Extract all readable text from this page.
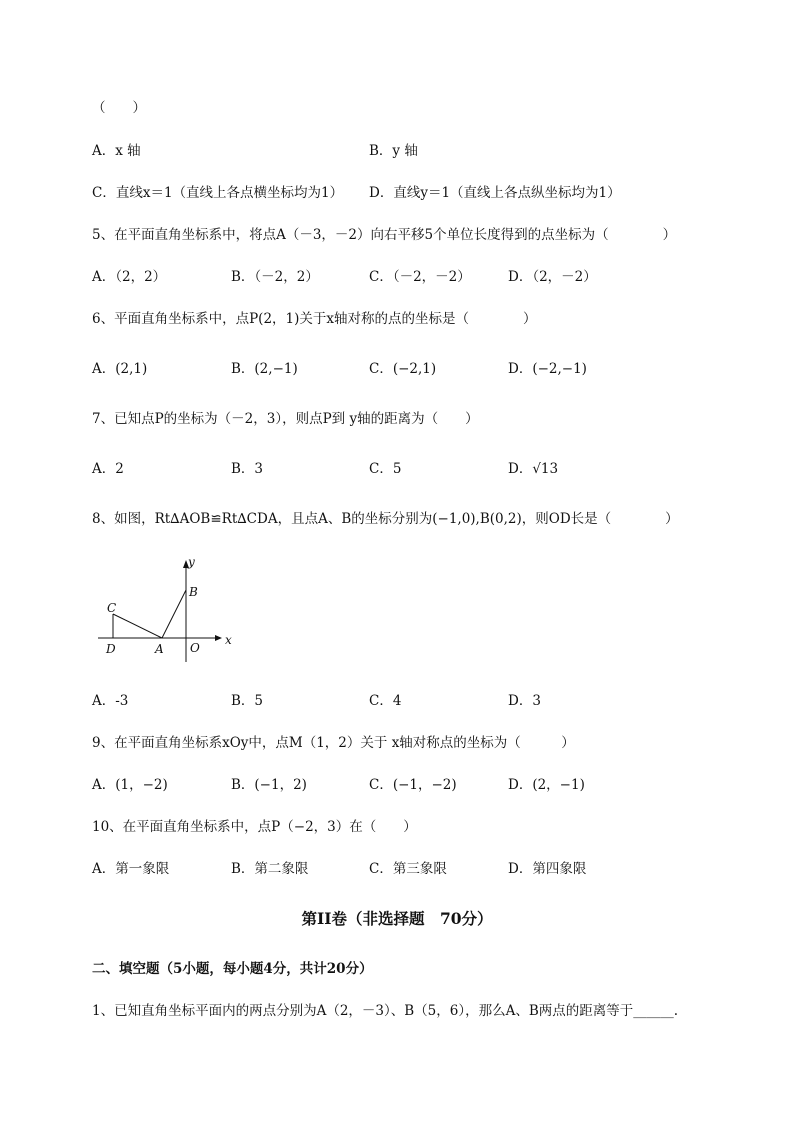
（　　）
A．x 轴	B．y 轴
C．直线x＝1（直线上各点横坐标均为1） D．直线y＝1（直线上各点纵坐标均为1）
5、在平面直角坐标系中，将点A（－3，－2）向右平移5个单位长度得到的点坐标为（　　　　）
A．（2，2）	B．（－2，2）	C．（－2，－2）	D．（2，－2）
6、平面直角坐标系中，点P(2，1)关于x轴对称的点的坐标是（　　　　）
A．(2,1)	B．(2,−1)	C．(−2,1)	D．(−2,−1)
7、已知点P的坐标为（－2，3），则点P到 y轴的距离为（　　）
A．2	B．3	C．5	D．√13
8、如图，Rt∆AOB≌Rt∆CDA，且点A、B的坐标分别为(−1,0),B(0,2)，则OD长是（　　　　）
y
B
C
D	A O
x
A．-3	B．5	C．4	D．3
9、在平面直角坐标系xOy中，点M（1，2）关于 x轴对称点的坐标为（　　　）
A．(1，−2)	B．(−1，2)	C．(−1，−2)	D．(2，−1)
10、在平面直角坐标系中，点P（−2，3）在（　　）
A．第一象限	B．第二象限	C．第三象限	D．第四象限
第II卷（非选择题　70分）
二、填空题（5小题，每小题4分，共计20分）
1、已知直角坐标平面内的两点分别为A（2，－3）、B（5，6），那么A、B两点的距离等于______.
